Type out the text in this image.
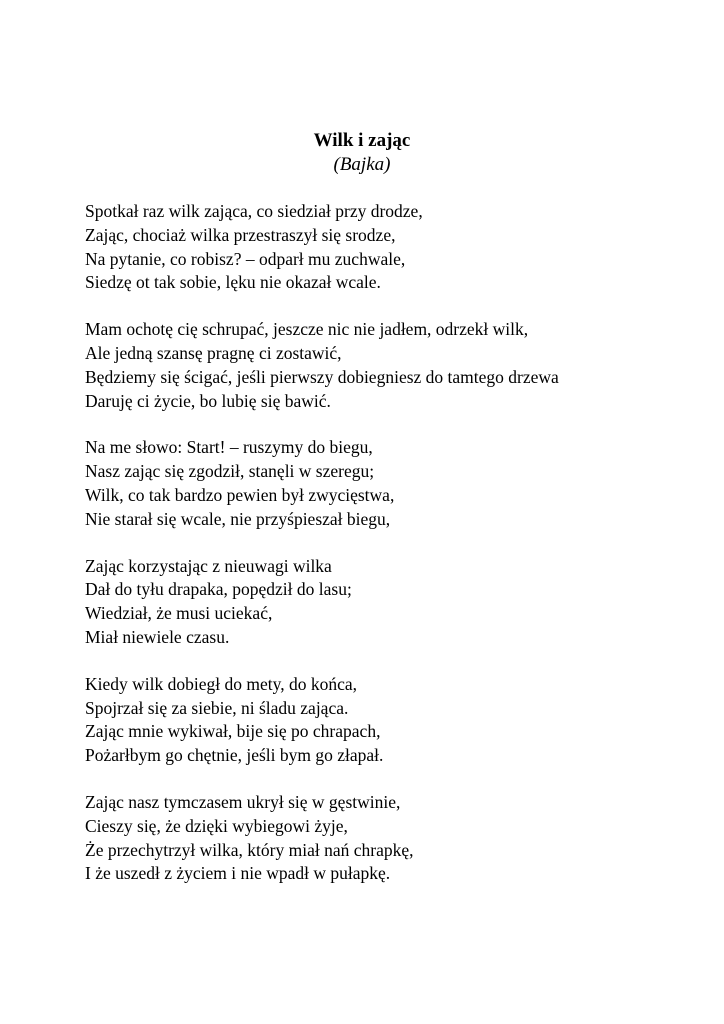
Wilk i zając
(Bajka)
Spotkał raz wilk zająca, co siedział przy drodze,
Zając, chociaż wilka przestraszył się srodze,
Na pytanie, co robisz? – odparł mu zuchwale,
Siedzę ot tak sobie, lęku nie okazał wcale.
Mam ochotę cię schrupać, jeszcze nic nie jadłem, odrzekł wilk,
Ale jedną szansę pragnę ci zostawić,
Będziemy się ścigać, jeśli pierwszy dobiegniesz do tamtego drzewa
Daruję ci życie, bo lubię się bawić.
Na me słowo: Start! – ruszymy do biegu,
Nasz zając się zgodził, stanęli w szeregu;
Wilk, co tak bardzo pewien był zwycięstwa,
Nie starał się wcale, nie przyśpieszał biegu,
Zając korzystając z nieuwagi wilka
Dał do tyłu drapaka, popędził do lasu;
Wiedział, że musi uciekać,
Miał niewiele czasu.
Kiedy wilk dobiegł do mety, do końca,
Spojrzał się za siebie, ni śladu zająca.
Zając mnie wykiwał, bije się po chrapach,
Pożarłbym go chętnie, jeśli bym go złapał.
Zając nasz tymczasem ukrył się w gęstwinie,
Cieszy się, że dzięki wybiegowi żyje,
Że przechytrzył wilka, który miał nań chrapkę,
I że uszedł z życiem i nie wpadł w pułapkę.
